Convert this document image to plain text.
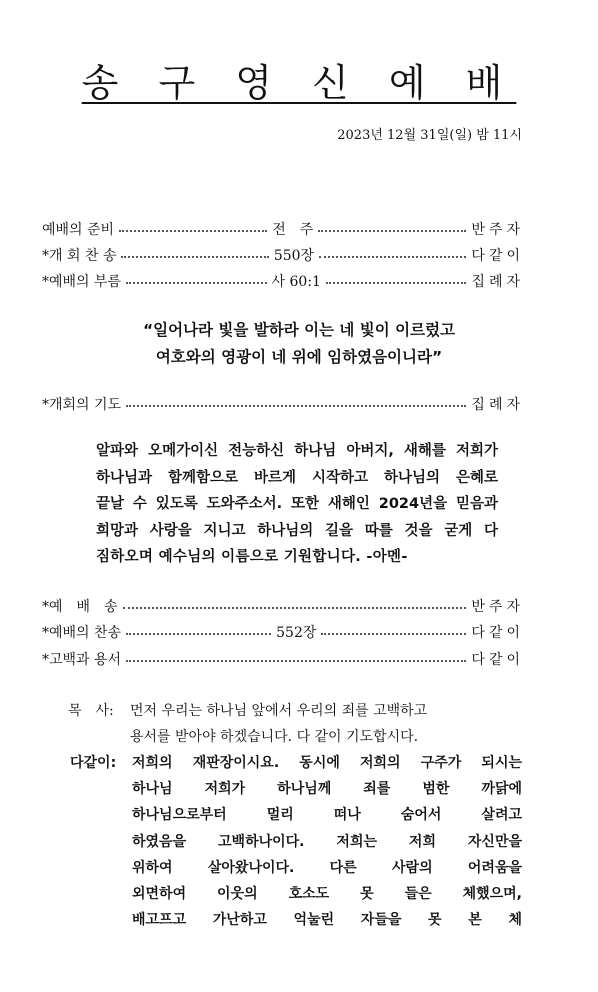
송 구 영 신 예 배
2023년 12월 31일(일) 밤 11시
예배의 준비	전　주	반주자
*개 회 찬 송	550장	다같이
*예배의 부름	사 60:1	집례자
“일어나라 빛을 발하라 이는 네 빛이 이르렀고
여호와의 영광이 네 위에 임하였음이니라”
*개회의 기도	집례자
알파와 오메가이신 전능하신 하나님 아버지, 새해를 저희가
하나님과 함께함으로 바르게 시작하고 하나님의 은혜로
끝날 수 있도록 도와주소서. 또한 새해인 2024년을 믿음과
희망과 사랑을 지니고 하나님의 길을 따를 것을 굳게 다
짐하오며 예수님의 이름으로 기원합니다. -아멘-
*예　배　송	반주자
*예배의 찬송	552장	다같이
*고백과 용서	다같이
목　사: 먼저 우리는 하나님 앞에서 우리의 죄를 고백하고
용서를 받아야 하겠습니다. 다 같이 기도합시다.
다같이: 저희의 재판장이시요. 동시에 저희의 구주가 되시는
하나님 저희가 하나님께 죄를 범한 까닭에
하나님으로부터 멀리 떠나 숨어서 살려고
하였음을 고백하나이다. 저희는 저희 자신만을
위하여 살아왔나이다. 다른 사람의 어려움을
외면하여 이웃의 호소도 못 들은 체했으며,
배고프고 가난하고 억눌린 자들을 못 본 체
